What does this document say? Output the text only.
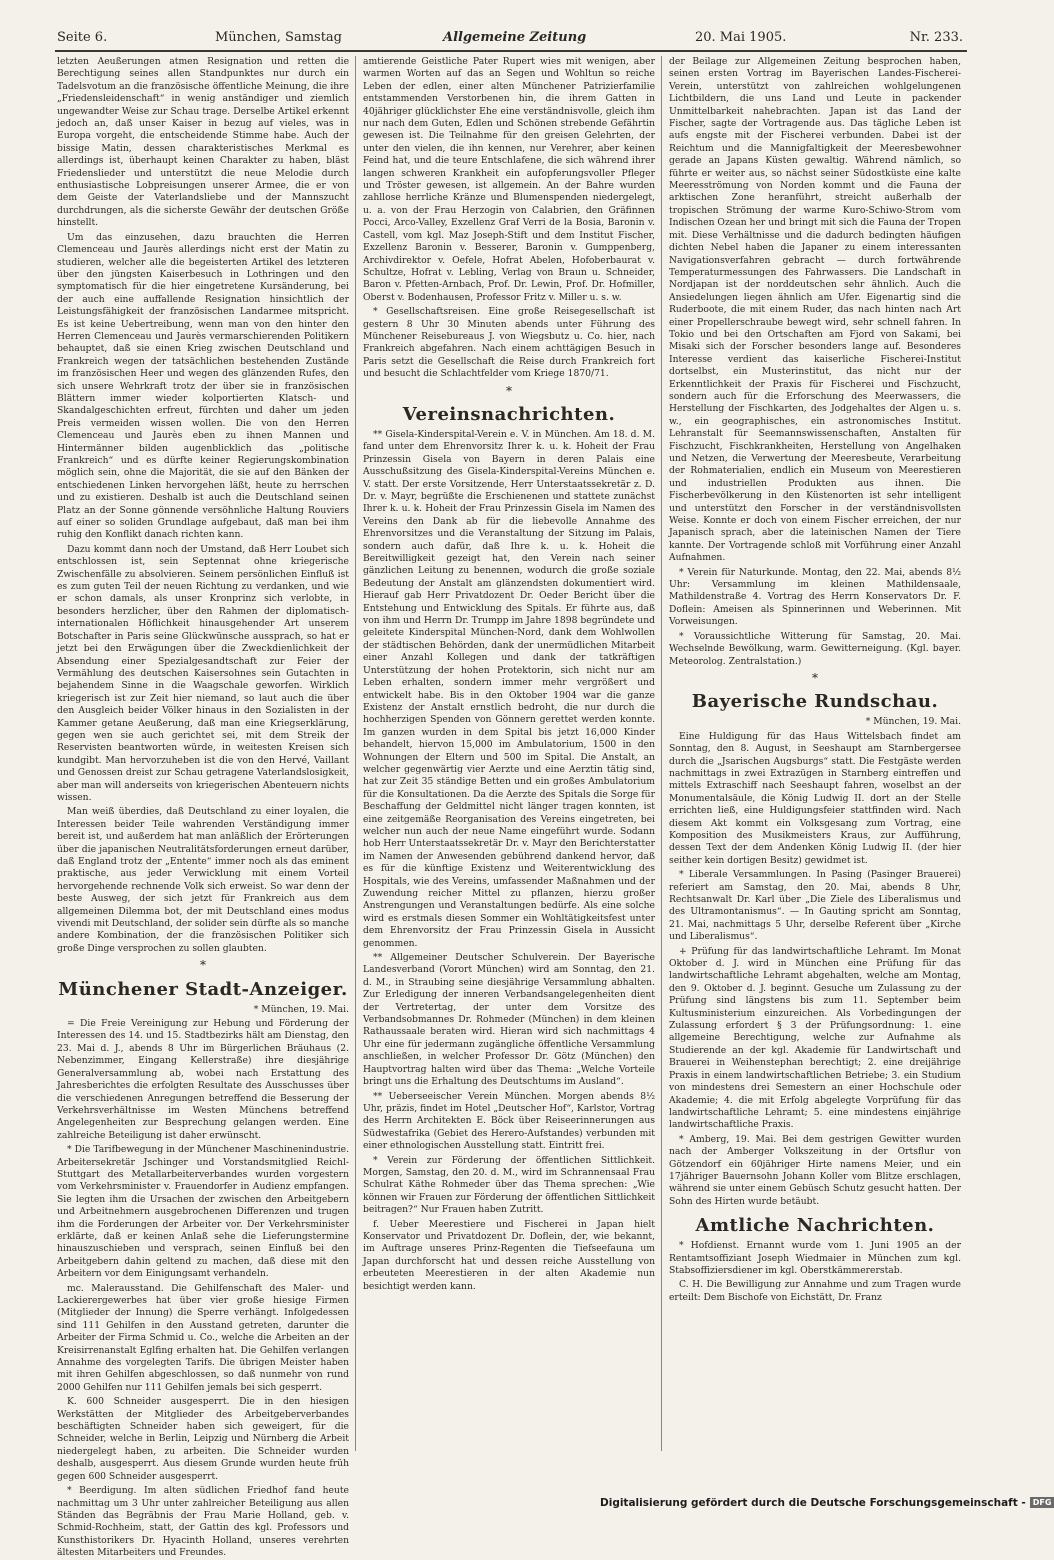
Seite 6.	München, Samstag	Allgemeine Zeitung	20. Mai 1905.	Nr. 233.

letzten Aeußerungen atmen Resignation und retten die Berechtigung seines allen Standpunktes nur durch ein Tadelsvotum an die französische öffentliche Meinung, die ihre „Friedensleidenschaft“ in wenig anständiger und ziemlich ungewandter Weise zur Schau trage. Derselbe Artikel erkennt jedoch an, daß unser Kaiser in bezug auf vieles, was in Europa vorgeht, die entscheidende Stimme habe. Auch der bissige Matin, dessen charakteristisches Merkmal es allerdings ist, überhaupt keinen Charakter zu haben, bläst Friedenslieder und unterstützt die neue Melodie durch enthusiastische Lobpreisungen unserer Armee, die er von dem Geiste der Vaterlandsliebe und der Mannszucht durchdrungen, als die sicherste Gewähr der deutschen Größe hinstellt.

Um das einzusehen, dazu brauchten die Herren Clemenceau und Jaurès allerdings nicht erst der Matin zu studieren, welcher alle die begeisterten Artikel des letzteren über den jüngsten Kaiserbesuch in Lothringen und den symptomatisch für die hier eingetretene Kursänderung, bei der auch eine auffallende Resignation hinsichtlich der Leistungsfähigkeit der französischen Landarmee mitspricht. Es ist keine Uebertreibung, wenn man von den hinter den Herren Clemenceau und Jaurès vermarschierenden Politikern behauptet, daß sie einen Krieg zwischen Deutschland und Frankreich wegen der tatsächlichen bestehenden Zustände im französischen Heer und wegen des glänzenden Rufes, den sich unsere Wehrkraft trotz der über sie in französischen Blättern immer wieder kolportierten Klatsch- und Skandalgeschichten erfreut, fürchten und daher um jeden Preis vermeiden wissen wollen. Die von den Herren Clemenceau und Jaurès eben zu ihnen Mannen und Hintermänner bilden augenblicklich das „politische Frankreich“ und es dürfte keiner Regierungskombination möglich sein, ohne die Majorität, die sie auf den Bänken der entschiedenen Linken hervorgehen läßt, heute zu herrschen und zu existieren. Deshalb ist auch die Deutschland seinen Platz an der Sonne gönnende versöhnliche Haltung Rouviers auf einer so soliden Grundlage aufgebaut, daß man bei ihm ruhig den Konflikt danach richten kann.

Dazu kommt dann noch der Umstand, daß Herr Loubet sich entschlossen ist, sein Septennat ohne kriegerische Zwischenfälle zu absolvieren. Seinem persönlichen Einfluß ist es zum guten Teil der neuen Richtung zu verdanken, und wie er schon damals, als unser Kronprinz sich verlobte, in besonders herzlicher, über den Rahmen der diplomatisch-internationalen Höflichkeit hinausgehender Art unserem Botschafter in Paris seine Glückwünsche aussprach, so hat er jetzt bei den Erwägungen über die Zweckdienlichkeit der Absendung einer Spezialgesandtschaft zur Feier der Vermählung des deutschen Kaisersohnes sein Gutachten in bejahendem Sinne in die Waagschale geworfen. Wirklich kriegerisch ist zur Zeit hier niemand, so laut auch die über den Ausgleich beider Völker hinaus in den Sozialisten in der Kammer getane Aeußerung, daß man eine Kriegserklärung, gegen wen sie auch gerichtet sei, mit dem Streik der Reservisten beantworten würde, in weitesten Kreisen sich kundgibt. Man hervorzuheben ist die von den Hervé, Vaillant und Genossen dreist zur Schau getragene Vaterlandslosigkeit, aber man will anderseits von kriegerischen Abenteuern nichts wissen.

Man weiß überdies, daß Deutschland zu einer loyalen, die Interessen beider Teile wahrenden Verständigung immer bereit ist, und außerdem hat man anläßlich der Erörterungen über die japanischen Neutralitätsforderungen erneut darüber, daß England trotz der „Entente“ immer noch als das eminent praktische, aus jeder Verwicklung mit einem Vorteil hervorgehende rechnende Volk sich erweist. So war denn der beste Ausweg, der sich jetzt für Frankreich aus dem allgemeinen Dilemma bot, der mit Deutschland eines modus vivendi mit Deutschland, der solider sein dürfte als so manche andere Kombination, der die französischen Politiker sich große Dinge versprochen zu sollen glaubten.

*
Münchener Stadt-Anzeiger.
* München, 19. Mai.

= Die Freie Vereinigung zur Hebung und Förderung der Interessen des 14. und 15. Stadtbezirks hält am Dienstag, den 23. Mai d. J., abends 8 Uhr im Bürgerlichen Bräuhaus (2. Nebenzimmer, Eingang Kellerstraße) ihre diesjährige Generalversammlung ab, wobei nach Erstattung des Jahresberichtes die erfolgten Resultate des Ausschusses über die verschiedenen Anregungen betreffend die Besserung der Verkehrsverhältnisse im Westen Münchens betreffend Angelegenheiten zur Besprechung gelangen werden. Eine zahlreiche Beteiligung ist daher erwünscht.

* Die Tarifbewegung in der Münchener Maschinenindustrie. Arbeitersekretär Jschinger und Vorstandsmitglied Reichl-Stuttgart des Metallarbeiterverbandes wurden vorgestern vom Verkehrsminister v. Frauendorfer in Audienz empfangen. Sie legten ihm die Ursachen der zwischen den Arbeitgebern und Arbeitnehmern ausgebrochenen Differenzen und trugen ihm die Forderungen der Arbeiter vor. Der Verkehrsminister erklärte, daß er keinen Anlaß sehe die Lieferungstermine hinauszuschieben und versprach, seinen Einfluß bei den Arbeitgebern dahin geltend zu machen, daß diese mit den Arbeitern vor dem Einigungsamt verhandeln.

mc. Malerausstand. Die Gehilfenschaft des Maler- und Lackierergewerbes hat über vier große hiesige Firmen (Mitglieder der Innung) die Sperre verhängt. Infolgedessen sind 111 Gehilfen in den Ausstand getreten, darunter die Arbeiter der Firma Schmid u. Co., welche die Arbeiten an der Kreisirrenanstalt Eglfing erhalten hat. Die Gehilfen verlangen Annahme des vorgelegten Tarifs. Die übrigen Meister haben mit ihren Gehilfen abgeschlossen, so daß nunmehr von rund 2000 Gehilfen nur 111 Gehilfen jemals bei sich gesperrt.

K. 600 Schneider ausgesperrt. Die in den hiesigen Werkstätten der Mitglieder des Arbeitgeberverbandes beschäftigten Schneider haben sich geweigert, für die Schneider, welche in Berlin, Leipzig und Nürnberg die Arbeit niedergelegt haben, zu arbeiten. Die Schneider wurden deshalb, ausgesperrt. Aus diesem Grunde wurden heute früh gegen 600 Schneider ausgesperrt.

* Beerdigung. Im alten südlichen Friedhof fand heute nachmittag um 3 Uhr unter zahlreicher Beteiligung aus allen Ständen das Begräbnis der Frau Marie Holland, geb. v. Schmid-Rochheim, statt, der Gattin des kgl. Professors und Kunsthistorikers Dr. Hyacinth Holland, unseres verehrten ältesten Mitarbeiters und Freundes.

amtierende Geistliche Pater Rupert wies mit wenigen, aber warmen Worten auf das an Segen und Wohltun so reiche Leben der edlen, einer alten Münchener Patrizierfamilie entstammenden Verstorbenen hin, die ihrem Gatten in 40jähriger glücklichster Ehe eine verständnisvolle, gleich ihm nur nach dem Guten, Edlen und Schönen strebende Gefährtin gewesen ist. Die Teilnahme für den greisen Gelehrten, der unter den vielen, die ihn kennen, nur Verehrer, aber keinen Feind hat, und die teure Entschlafene, die sich während ihrer langen schweren Krankheit ein aufopferungsvoller Pfleger und Tröster gewesen, ist allgemein. An der Bahre wurden zahllose herrliche Kränze und Blumenspenden niedergelegt, u. a. von der Frau Herzogin von Calabrien, den Gräfinnen Pocci, Arco-Valley, Exzellenz Graf Verri de la Bosia, Baronin v. Castell, vom kgl. Maz Joseph-Stift und dem Institut Fischer, Exzellenz Baronin v. Besserer, Baronin v. Gumppenberg, Archivdirektor v. Oefele, Hofrat Abelen, Hofoberbaurat v. Schultze, Hofrat v. Lebling, Verlag von Braun u. Schneider, Baron v. Pfetten-Arnbach, Prof. Dr. Lewin, Prof. Dr. Hofmiller, Oberst v. Bodenhausen, Professor Fritz v. Miller u. s. w.

* Gesellschaftsreisen. Eine große Reisegesellschaft ist gestern 8 Uhr 30 Minuten abends unter Führung des Münchener Reisebureaus J. von Wiegsbutz u. Co. hier, nach Frankreich abgefahren. Nach einem achttägigen Besuch in Paris setzt die Gesellschaft die Reise durch Frankreich fort und besucht die Schlachtfelder vom Kriege 1870/71.

*
Vereinsnachrichten.

** Gisela-Kinderspital-Verein e. V. in München. Am 18. d. M. fand unter dem Ehrenvorsitz Ihrer k. u. k. Hoheit der Frau Prinzessin Gisela von Bayern in deren Palais eine Ausschußsitzung des Gisela-Kinderspital-Vereins München e. V. statt. Der erste Vorsitzende, Herr Unterstaatssekretär z. D. Dr. v. Mayr, begrüßte die Erschienenen und stattete zunächst Ihrer k. u. k. Hoheit der Frau Prinzessin Gisela im Namen des Vereins den Dank ab für die liebevolle Annahme des Ehrenvorsitzes und die Veranstaltung der Sitzung im Palais, sondern auch dafür, daß Ihre k. u. k. Hoheit die Bereitwilligkeit gezeigt hat, den Verein nach seiner gänzlichen Leitung zu benennen, wodurch die große soziale Bedeutung der Anstalt am glänzendsten dokumentiert wird. Hierauf gab Herr Privatdozent Dr. Oeder Bericht über die Entstehung und Entwicklung des Spitals. Er führte aus, daß von ihm und Herrn Dr. Trumpp im Jahre 1898 begründete und geleitete Kinderspital München-Nord, dank dem Wohlwollen der städtischen Behörden, dank der unermüdlichen Mitarbeit einer Anzahl Kollegen und dank der tatkräftigen Unterstützung der hohen Protektorin, sich nicht nur am Leben erhalten, sondern immer mehr vergrößert und entwickelt habe. Bis in den Oktober 1904 war die ganze Existenz der Anstalt ernstlich bedroht, die nur durch die hochherzigen Spenden von Gönnern gerettet werden konnte. Im ganzen wurden in dem Spital bis jetzt 16,000 Kinder behandelt, hiervon 15,000 im Ambulatorium, 1500 in den Wohnungen der Eltern und 500 im Spital. Die Anstalt, an welcher gegenwärtig vier Aerzte und eine Aerztin tätig sind, hat zur Zeit 35 ständige Betten und ein großes Ambulatorium für die Konsultationen. Da die Aerzte des Spitals die Sorge für Beschaffung der Geldmittel nicht länger tragen konnten, ist eine zeitgemäße Reorganisation des Vereins eingetreten, bei welcher nun auch der neue Name eingeführt wurde. Sodann hob Herr Unterstaatssekretär Dr. v. Mayr den Berichterstatter im Namen der Anwesenden gebührend dankend hervor, daß es für die künftige Existenz und Weiterentwicklung des Hospitals, wie des Vereins, umfassender Maßnahmen und der Zuwendung reicher Mittel zu pflanzen, hierzu großer Anstrengungen und Veranstaltungen bedürfe. Als eine solche wird es erstmals diesen Sommer ein Wohltätigkeitsfest unter dem Ehrenvorsitz der Frau Prinzessin Gisela in Aussicht genommen.

** Allgemeiner Deutscher Schulverein. Der Bayerische Landesverband (Vorort München) wird am Sonntag, den 21. d. M., in Straubing seine diesjährige Versammlung abhalten. Zur Erledigung der inneren Verbandsangelegenheiten dient der Vertretertag, der unter dem Vorsitze des Verbandsobmannes Dr. Rohmeder (München) in dem kleinen Rathaussaale beraten wird. Hieran wird sich nachmittags 4 Uhr eine für jedermann zugängliche öffentliche Versammlung anschließen, in welcher Professor Dr. Götz (München) den Hauptvortrag halten wird über das Thema: „Welche Vorteile bringt uns die Erhaltung des Deutschtums im Ausland“.

** Ueberseeischer Verein München. Morgen abends 8½ Uhr, präzis, findet im Hotel „Deutscher Hof“, Karlstor, Vortrag des Herrn Architekten E. Böck über Reiseerinnerungen aus Südwestafrika (Gebiet des Herero-Aufstandes) verbunden mit einer ethnologischen Ausstellung statt. Eintritt frei.

* Verein zur Förderung der öffentlichen Sittlichkeit. Morgen, Samstag, den 20. d. M., wird im Schrannensaal Frau Schulrat Käthe Rohmeder über das Thema sprechen: „Wie können wir Frauen zur Förderung der öffentlichen Sittlichkeit beitragen?“ Nur Frauen haben Zutritt.

f. Ueber Meerestiere und Fischerei in Japan hielt Konservator und Privatdozent Dr. Doflein, der, wie bekannt, im Auftrage unseres Prinz-Regenten die Tiefseefauna um Japan durchforscht hat und dessen reiche Ausstellung von erbeuteten Meerestieren in der alten Akademie nun besichtigt werden kann.

der Beilage zur Allgemeinen Zeitung besprochen haben, seinen ersten Vortrag im Bayerischen Landes-Fischerei-Verein, unterstützt von zahlreichen wohlgelungenen Lichtbildern, die uns Land und Leute in packender Unmittelbarkeit nahebrachten. Japan ist das Land der Fischer, sagte der Vortragende aus. Das tägliche Leben ist aufs engste mit der Fischerei verbunden. Dabei ist der Reichtum und die Mannigfaltigkeit der Meeresbewohner gerade an Japans Küsten gewaltig. Während nämlich, so führte er weiter aus, so nächst seiner Südostküste eine kalte Meeresströmung von Norden kommt und die Fauna der arktischen Zone heranführt, streicht außerhalb der tropischen Strömung der warme Kuro-Schiwo-Strom vom Indischen Ozean her und bringt mit sich die Fauna der Tropen mit. Diese Verhältnisse und die dadurch bedingten häufigen dichten Nebel haben die Japaner zu einem interessanten Navigationsverfahren gebracht — durch fortwährende Temperaturmessungen des Fahrwassers. Die Landschaft in Nordjapan ist der norddeutschen sehr ähnlich. Auch die Ansiedelungen liegen ähnlich am Ufer. Eigenartig sind die Ruderboote, die mit einem Ruder, das nach hinten nach Art einer Propellerschraube bewegt wird, sehr schnell fahren. In Tokio und bei den Ortschaften am Fjord von Sakami, bei Misaki sich der Forscher besonders lange auf. Besonderes Interesse verdient das kaiserliche Fischerei-Institut dortselbst, ein Musterinstitut, das nicht nur der Erkenntlichkeit der Praxis für Fischerei und Fischzucht, sondern auch für die Erforschung des Meerwassers, die Herstellung der Fischkarten, des Jodgehaltes der Algen u. s. w., ein geographisches, ein astronomisches Institut. Lehranstalt für Seemannswissenschaften, Anstalten für Fischzucht, Fischkrankheiten, Herstellung von Angelhaken und Netzen, die Verwertung der Meeresbeute, Verarbeitung der Rohmaterialien, endlich ein Museum von Meerestieren und industriellen Produkten aus ihnen. Die Fischerbevölkerung in den Küstenorten ist sehr intelligent und unterstützt den Forscher in der verständnisvollsten Weise. Konnte er doch von einem Fischer erreichen, der nur Japanisch sprach, aber die lateinischen Namen der Tiere kannte. Der Vortragende schloß mit Vorführung einer Anzahl Aufnahmen.

* Verein für Naturkunde. Montag, den 22. Mai, abends 8½ Uhr: Versammlung im kleinen Mathildensaale, Mathildenstraße 4. Vortrag des Herrn Konservators Dr. F. Doflein: Ameisen als Spinnerinnen und Weberinnen. Mit Vorweisungen.

* Voraussichtliche Witterung für Samstag, 20. Mai. Wechselnde Bewölkung, warm. Gewitterneigung. (Kgl. bayer. Meteorolog. Zentralstation.)

*
Bayerische Rundschau.
* München, 19. Mai.

Eine Huldigung für das Haus Wittelsbach findet am Sonntag, den 8. August, in Seeshaupt am Starnbergersee durch die „Jsarischen Augsburgs“ statt. Die Festgäste werden nachmittags in zwei Extrazügen in Starnberg eintreffen und mittels Extraschiff nach Seeshaupt fahren, woselbst an der Monumentalsäule, die König Ludwig II. dort an der Stelle errichten ließ, eine Huldigungsfeier stattfinden wird. Nach diesem Akt kommt ein Volksgesang zum Vortrag, eine Komposition des Musikmeisters Kraus, zur Aufführung, dessen Text der dem Andenken König Ludwig II. (der hier seither kein dortigen Besitz) gewidmet ist.

* Liberale Versammlungen. In Pasing (Pasinger Brauerei) referiert am Samstag, den 20. Mai, abends 8 Uhr, Rechtsanwalt Dr. Karl über „Die Ziele des Liberalismus und des Ultramontanismus“. — In Gauting spricht am Sonntag, 21. Mai, nachmittags 5 Uhr, derselbe Referent über „Kirche und Liberalismus“.

+ Prüfung für das landwirtschaftliche Lehramt. Im Monat Oktober d. J. wird in München eine Prüfung für das landwirtschaftliche Lehramt abgehalten, welche am Montag, den 9. Oktober d. J. beginnt. Gesuche um Zulassung zu der Prüfung sind längstens bis zum 11. September beim Kultusministerium einzureichen. Als Vorbedingungen der Zulassung erfordert § 3 der Prüfungsordnung: 1. eine allgemeine Berechtigung, welche zur Aufnahme als Studierende an der kgl. Akademie für Landwirtschaft und Brauerei in Weihenstephan berechtigt; 2. eine dreijährige Praxis in einem landwirtschaftlichen Betriebe; 3. ein Studium von mindestens drei Semestern an einer Hochschule oder Akademie; 4. die mit Erfolg abgelegte Vorprüfung für das landwirtschaftliche Lehramt; 5. eine mindestens einjährige landwirtschaftliche Praxis.

* Amberg, 19. Mai. Bei dem gestrigen Gewitter wurden nach der Amberger Volkszeitung in der Ortsflur von Götzendorf ein 60jähriger Hirte namens Meier, und ein 17jähriger Bauernsohn Johann Koller vom Blitze erschlagen, während sie unter einem Gebüsch Schutz gesucht hatten. Der Sohn des Hirten wurde betäubt.

Amtliche Nachrichten.

* Hofdienst. Ernannt wurde vom 1. Juni 1905 an der Rentamtsoffiziant Joseph Wiedmaier in München zum kgl. Stabsoffiziersdiener im kgl. Oberstkämmererstab.

C. H. Die Bewilligung zur Annahme und zum Tragen wurde erteilt: Dem Bischofe von Eichstätt, Dr. Franz

Digitalisierung gefördert durch die Deutsche Forschungsgemeinschaft - DFG
